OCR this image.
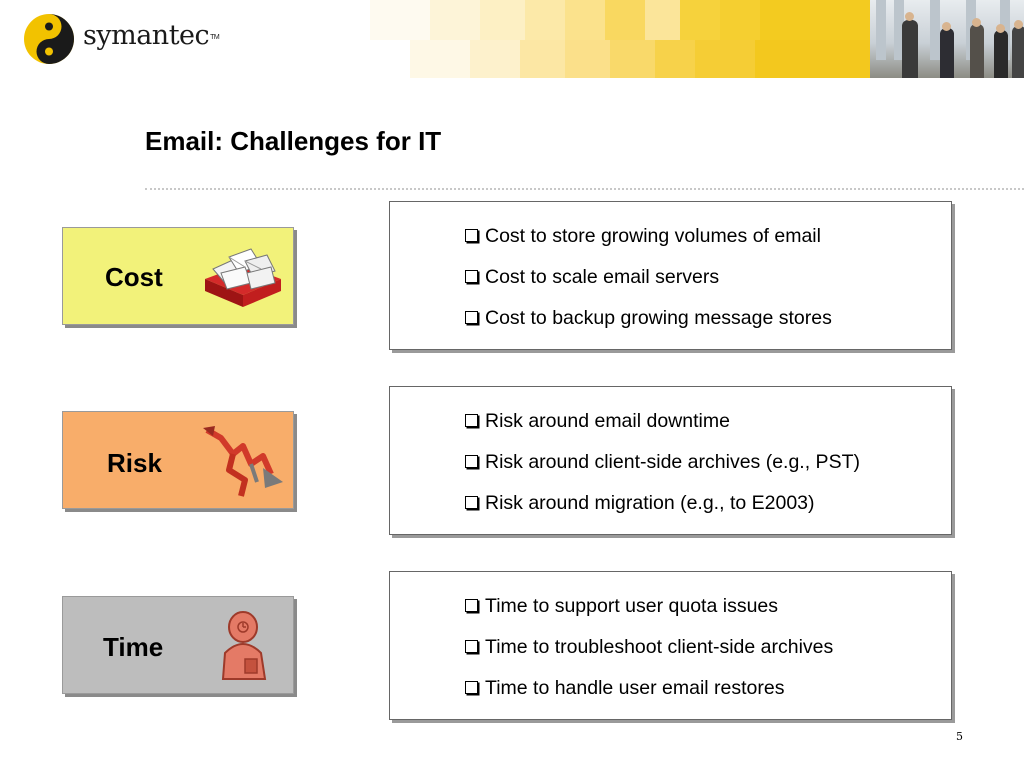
symantec™
Email: Challenges for IT
Cost
Risk
Time
Cost to store growing volumes of email
Cost to scale email servers
Cost to backup growing message stores
Risk around email downtime
Risk around client-side archives (e.g., PST)
Risk around migration (e.g., to E2003)
Time to support user quota issues
Time to troubleshoot client-side archives
Time to handle user email restores
5
